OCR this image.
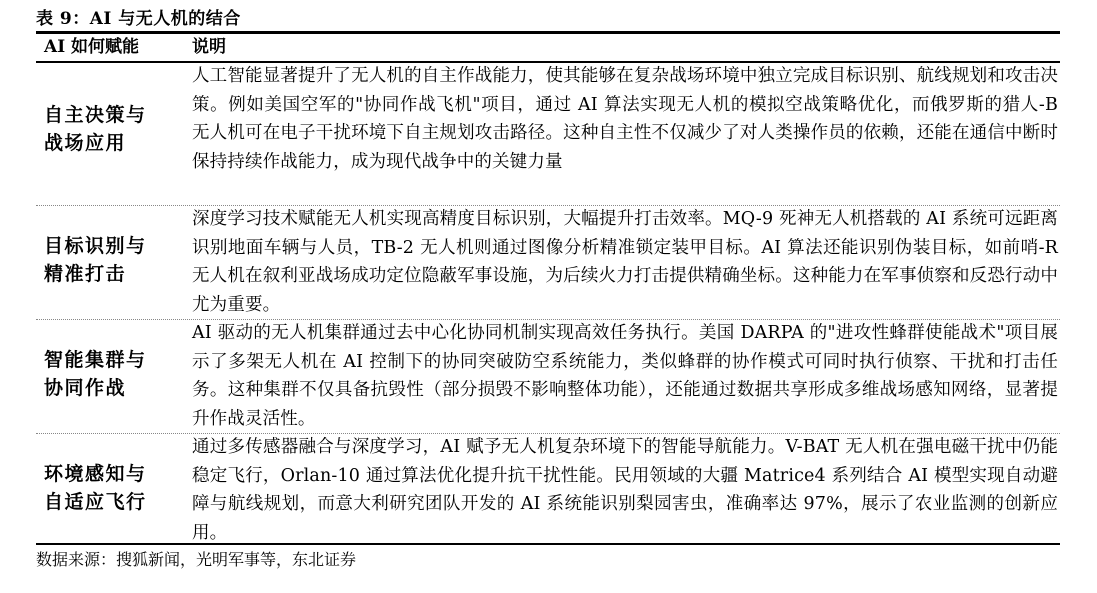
表 9：AI 与无人机的结合
AI 如何赋能	说明
自主决策与
战场应用
人工智能显著提升了无人机的自主作战能力，使其能够在复杂战场环境中独立完成目标识别、航线规划和攻击决策。例如美国空军的"协同作战飞机"项目，通过 AI 算法实现无人机的模拟空战策略优化，而俄罗斯的猎人-B 无人机可在电子干扰环境下自主规划攻击路径。这种自主性不仅减少了对人类操作员的依赖，还能在通信中断时保持持续作战能力，成为现代战争中的关键力量
目标识别与
精准打击
深度学习技术赋能无人机实现高精度目标识别，大幅提升打击效率。MQ-9 死神无人机搭载的 AI 系统可远距离识别地面车辆与人员，TB-2 无人机则通过图像分析精准锁定装甲目标。AI 算法还能识别伪装目标，如前哨-R 无人机在叙利亚战场成功定位隐蔽军事设施，为后续火力打击提供精确坐标。这种能力在军事侦察和反恐行动中尤为重要。
智能集群与
协同作战
AI 驱动的无人机集群通过去中心化协同机制实现高效任务执行。美国 DARPA 的"进攻性蜂群使能战术"项目展示了多架无人机在 AI 控制下的协同突破防空系统能力，类似蜂群的协作模式可同时执行侦察、干扰和打击任务。这种集群不仅具备抗毁性（部分损毁不影响整体功能），还能通过数据共享形成多维战场感知网络，显著提升作战灵活性。
环境感知与
自适应飞行
通过多传感器融合与深度学习，AI 赋予无人机复杂环境下的智能导航能力。V-BAT 无人机在强电磁干扰中仍能稳定飞行，Orlan-10 通过算法优化提升抗干扰性能。民用领域的大疆 Matrice4 系列结合 AI 模型实现自动避障与航线规划，而意大利研究团队开发的 AI 系统能识别梨园害虫，准确率达 97%，展示了农业监测的创新应用。
数据来源：搜狐新闻，光明军事等，东北证券
